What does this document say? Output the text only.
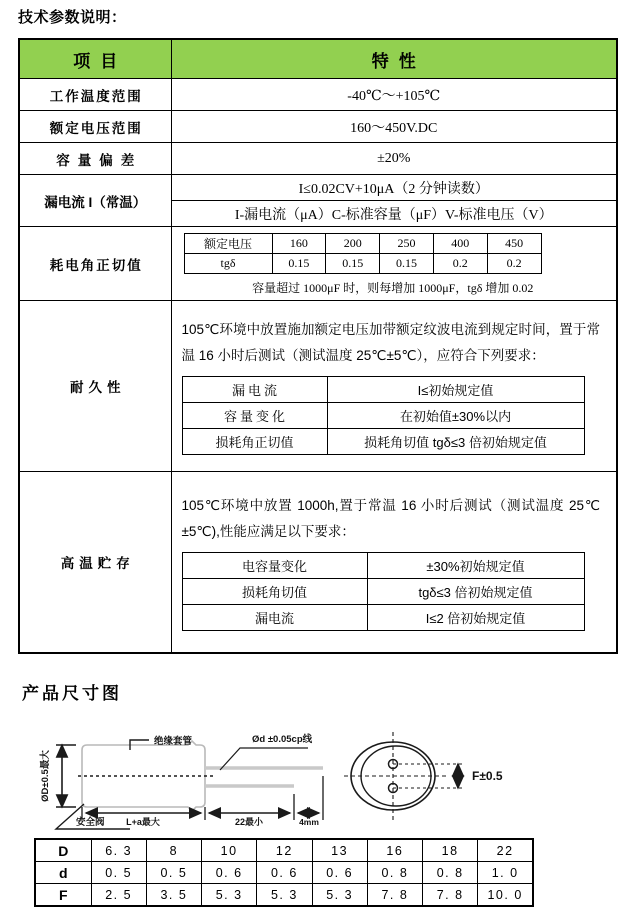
技术参数说明：
项目	特性
工作温度范围	-40℃～+105℃
额定电压范围	160～450V.DC
容量偏差	±20%
漏电流 I（常温）	I≤0.02CV+10μA（2 分钟读数）
I-漏电流（μA）C-标准容量（μF）V-标准电压（V）
耗电角正切值	
额定电压	160	200	250	400	450
tgδ	0.15	0.15	0.15	0.2	0.2
容量超过 1000μF 时，则每增加 1000μF，tgδ 增加 0.02

耐久性	
105℃环境中放置施加额定电压加带额定纹波电流到规定时间，置于常温 16 小时后测试（测试温度 25℃±5℃），应符合下列要求：
漏电流	I≤初始规定值
容量变化	在初始值±30%以内
损耗角正切值	损耗角切值 tgδ≤3 倍初始规定值

高温贮存	
105℃环境中放置 1000h,置于常温 16 小时后测试（测试温度 25℃±5℃),性能应满足以下要求：
电容量变化	±30%初始规定值
损耗角切值	tgδ≤3 倍初始规定值
漏电流	I≤2 倍初始规定值
产品尺寸图
绝缘套管	Ød ±0.05cp线
ØD±0.5最大
安全阀 L+a最大	22最小	4mm
F±0.5
D	6. 3	8	10	12	13	16	18	22
d	0. 5	0. 5	0. 6	0. 6	0. 6	0. 8	0. 8	1. 0
F	2. 5	3. 5	5. 3	5. 3	5. 3	7. 8	7. 8	10. 0
